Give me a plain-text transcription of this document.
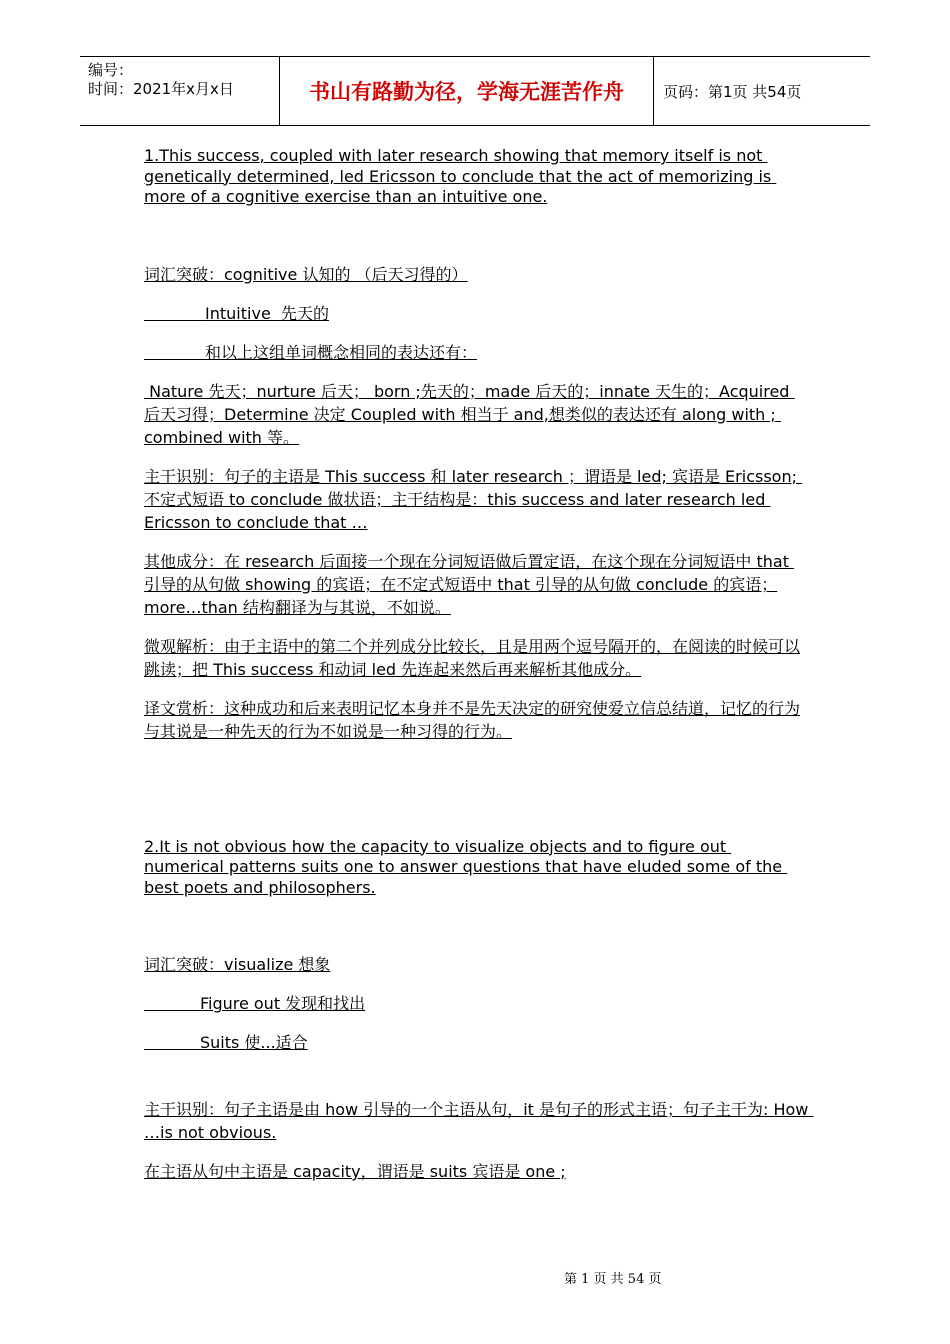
编号：
时间：2021年x月x日	书山有路勤为径，学海无涯苦作舟	页码：第1页 共54页

1.This success, coupled with later research showing that memory itself is not genetically determined, led Ericsson to conclude that the act of memorizing is more of a cognitive exercise than an intuitive one.

词汇突破：cognitive 认知的 （后天习得的）

Intuitive  先天的

和以上这组单词概念相同的表达还有：

Nature 先天；nurture 后天； born ;先天的；made 后天的；innate 天生的；Acquired 后天习得；Determine 决定 Coupled with 相当于 and,想类似的表达还有 along with ; combined with 等。

主干识别：句子的主语是 This success 和 later research ；谓语是 led; 宾语是 Ericsson; 不定式短语 to conclude 做状语；主干结构是：this success and later research led Ericsson to conclude that …

其他成分：在 research 后面接一个现在分词短语做后置定语，在这个现在分词短语中 that 引导的从句做 showing 的宾语；在不定式短语中 that 引导的从句做 conclude 的宾语；more…than 结构翻译为与其说，不如说。

微观解析：由于主语中的第二个并列成分比较长，且是用两个逗号隔开的，在阅读的时候可以跳读；把 This success 和动词 led 先连起来然后再来解析其他成分。

译文赏析：这种成功和后来表明记忆本身并不是先天决定的研究使爱立信总结道，记忆的行为与其说是一种先天的行为不如说是一种习得的行为。

2.It is not obvious how the capacity to visualize objects and to figure out numerical patterns suits one to answer questions that have eluded some of the best poets and philosophers.

词汇突破：visualize 想象

Figure out 发现和找出

Suits 使...适合

主干识别：句子主语是由 how 引导的一个主语从句，it 是句子的形式主语；句子主干为: How …is not obvious.

在主语从句中主语是 capacity，谓语是 suits 宾语是 one ;

第 1 页 共 54 页
